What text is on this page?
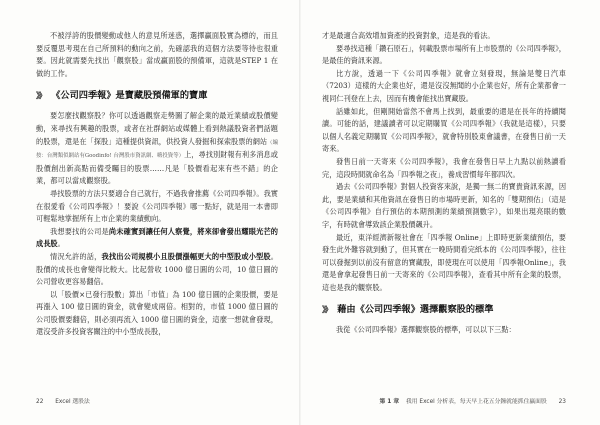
不被浮誇的股價變動或他人的意見所迷惑，選擇贏面股實為標的，而且要反覆思考現在自己所預料的動向之前，先確認我的這個方法要等待也很重要。因此就需要先找出「觀察股」當成贏面股的預備軍，這就是STEP 1 在做的工作。

》》 《公司四季報》是寶藏股預備軍的寶庫

要怎麼找觀察股？你可以透過觀察走勢圖了解企業的最近業績或股價變動，來尋找有興趣的股票，或者在社群網站或媒體上看到熱議股資者們話題的股票，還是在「探股」這種提供資訊，供投資人發掘和探索股票的網站（編按：台灣類似網站有Goodinfo! 台灣股市資訊網、嗨投資等）上，尋找別財報有利多消息或股價創出新高點而備受矚目的股票……凡是「股價看起來有些不錯」的企業，都可以當成觀察股。

尋找股票的方法只要適合自己就行，不過我會推薦《公司四季報》。我實在很愛看《公司四季報》！要說《公司四季報》哪一點好，就是用一本書即可輕鬆地掌握所有上市企業的業績動向。

我想要找的公司是尚未確實到讓任何人察覺，將來卻會發出耀眼光芒的成長股。

情況允許的話，我找出公司規模小且股價漲幅更大的中型股或小型股。股價的成長也會變得比較大。比起營收 1000 億日圓的公司，10 億日圓的公司營收更容易翻倍。

以「股價×已發行股數」算出「市值」為 100 億日圓的企業股價，要是再漲入 100 億日圓的資金，就會變成兩倍。相對的，市值 1000 億日圓的公司股價要翻倍，則必須再流入 1000 億日圓的資金，這麼一想就會發現，還沒受許多投資客關注的中小型成長股，

22 Excel 選股法

才是最適合高效增加資產的投資對象，這是我的看法。

要尋找這種「鑽石原石」，伺載股票市場所有上市股票的《公司四季報》，是最佳的資訊來源。

比方說，透過一下《公司四季報》就會立刻發現，無論是雙日汽車（7203）這樣的大企業也好，還是沒沒無聞的小企業也好，所有企業都會一視同仁刊登在上去，因而有機會能找出寶藏股。

話雖如此，但剛開始當然不會馬上找到，最重要的還是在長年的持續閱讀。可能的話，建議讀者可以定期購買《公司四季報》（我就是這樣），只要以個人名義定期購買《公司四季報》，就會特別股東會議書，在發售日前一天寄來。

發售日前一天寄來《公司四季報》，我會在發售日早上九點以前熱讀看完，這段時間就命名為「四季報之夜」，養成習慣每年都四次。

過去《公司四季報》對個人投資客來說，是獨一無二的寶貴資訊來源，因此，要是業績和其他資訊在發售日的市場時更新，知名的「雙期預估」（這是《公司四季報》自行預估的本期預測的業績預測數字），如果出現亮眼的數字，有時就會導致該企業股價飆升。

最近，東洋經濟新報社會在「四季報 Online」上即時更新業績預估，要發生此外難容就到動了，但其實在一晚時間看完紙本的《公司四季報》，往往可以發掘到以前沒有留意的寶藏股，即使現在可以使用「四季報Online」，我還是會拿起發售日前一天寄來的《公司四季報》，查看其中所有企業的股票，這也是我的觀察股。

》》 藉由《公司四季報》選擇觀察股的標準

我從《公司四季報》選擇觀察股的標準，可以以下三點：

第 1 章 我用 Excel 分析表，每天早上花五分鐘就能抓住贏面股 23
